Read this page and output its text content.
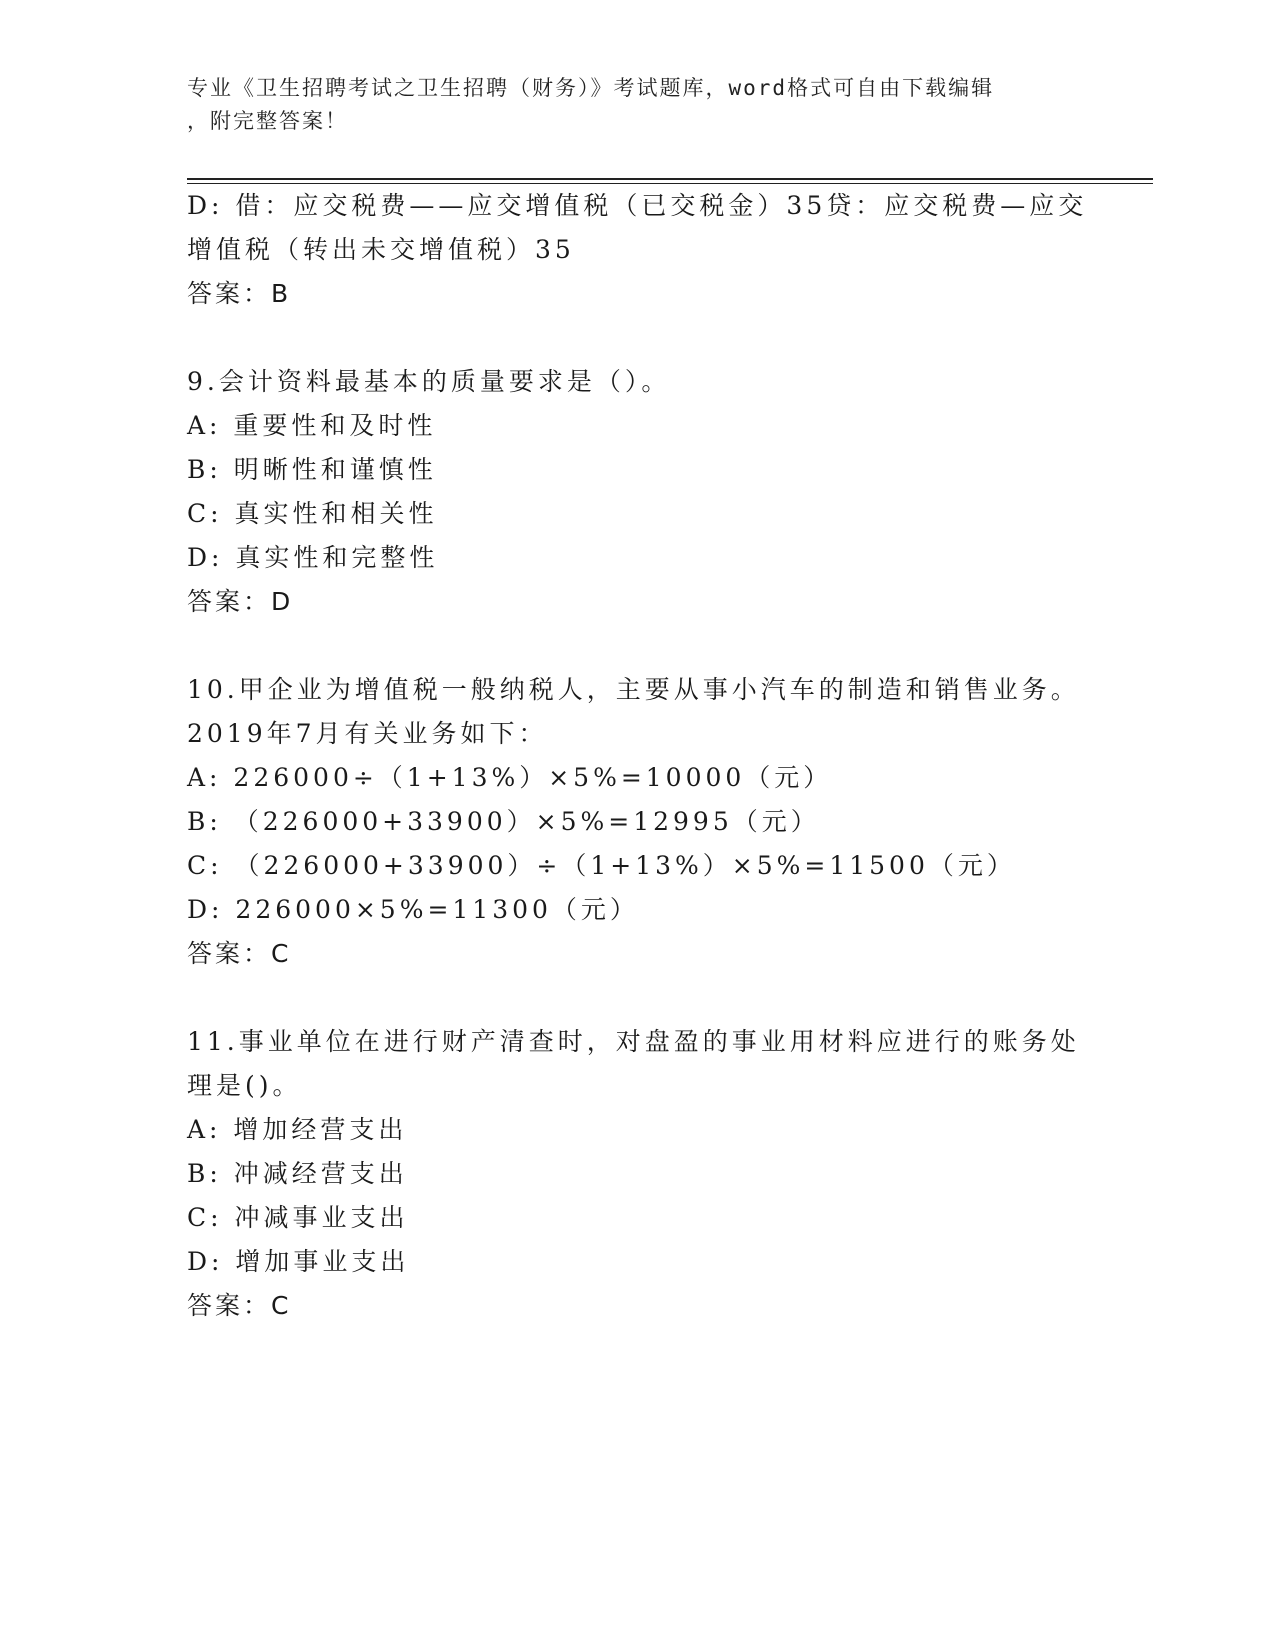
专业《卫生招聘考试之卫生招聘（财务）》考试题库，word格式可自由下载编辑
，附完整答案！
D: 借：应交税费——应交增值税（已交税金）35贷：应交税费—应交
增值税（转出未交增值税）35
答案：B
9.会计资料最基本的质量要求是（）。
A: 重要性和及时性
B: 明晰性和谨慎性
C: 真实性和相关性
D: 真实性和完整性
答案：D
10.甲企业为增值税一般纳税人，主要从事小汽车的制造和销售业务。
2019年7月有关业务如下：
A: 226000÷（1+13%）×5%=10000（元）
B: （226000+33900）×5%=12995（元）
C: （226000+33900）÷（1+13%）×5%=11500（元）
D: 226000×5%=11300（元）
答案：C
11.事业单位在进行财产清查时，对盘盈的事业用材料应进行的账务处
理是()。
A: 增加经营支出
B: 冲减经营支出
C: 冲减事业支出
D: 增加事业支出
答案：C
